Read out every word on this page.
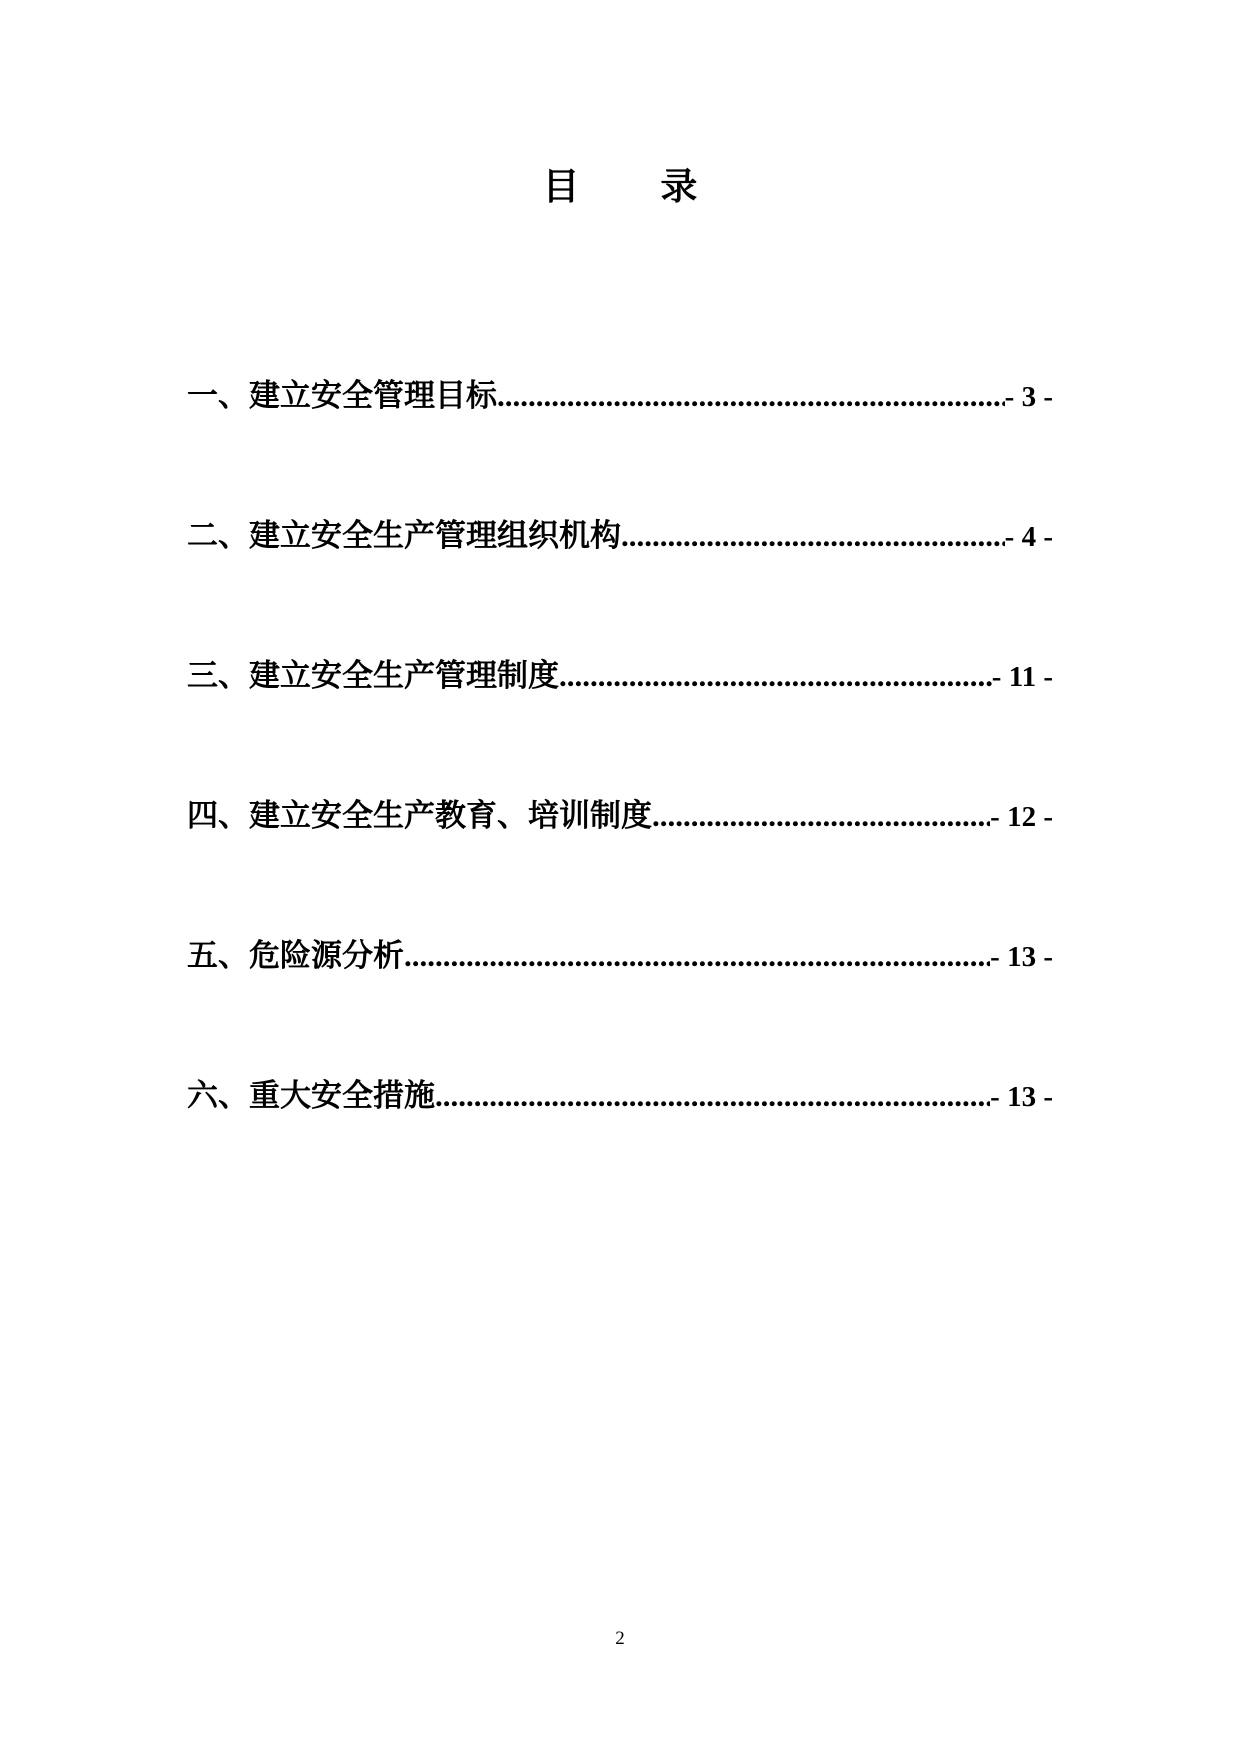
目 录
一、建立安全管理目标 .....	- 3 -
二、建立安全生产管理组织机构 .....	- 4 -
三、建立安全生产管理制度 .....	- 11 -
四、建立安全生产教育、培训制度 .....	- 12 -
五、危险源分析 .....	- 13 -
六、重大安全措施 .....	- 13 -
2
